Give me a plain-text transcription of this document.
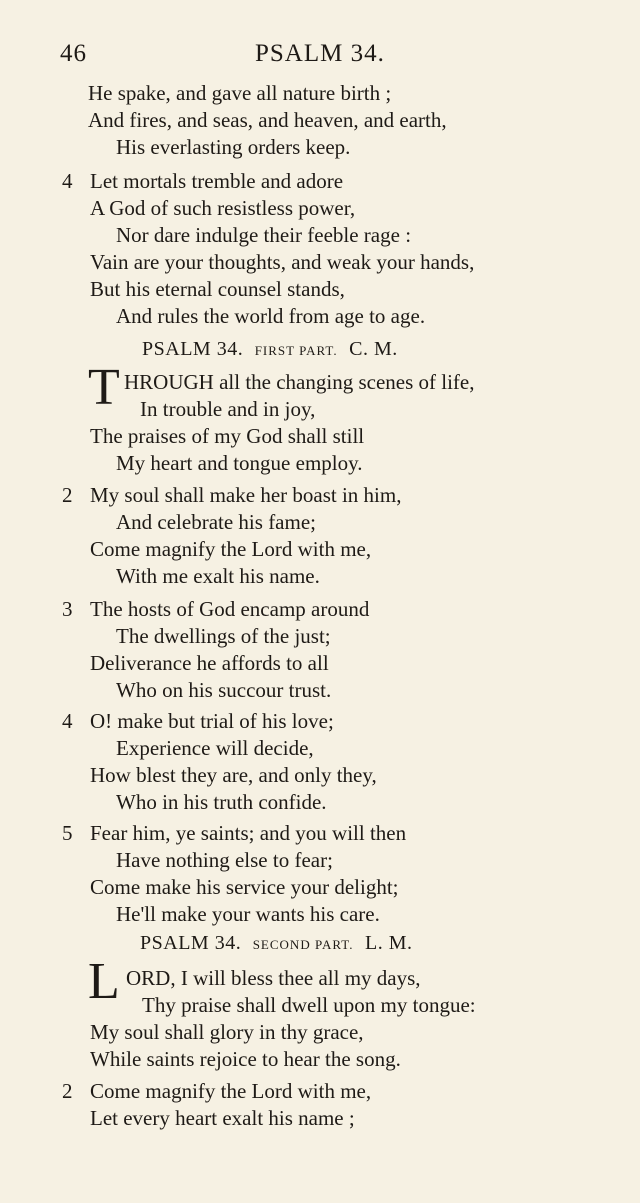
46	PSALM 34.
He spake, and gave all nature birth ;
And fires, and seas, and heaven, and earth,
His everlasting orders keep.
4 Let mortals tremble and adore
A God of such resistless power,
Nor dare indulge their feeble rage :
Vain are your thoughts, and weak your hands,
But his eternal counsel stands,
And rules the world from age to age.
PSALM 34. FIRST PART. C. M.
T HROUGH all the changing scenes of life,
In trouble and in joy,
The praises of my God shall still
My heart and tongue employ.
2 My soul shall make her boast in him,
And celebrate his fame;
Come magnify the Lord with me,
With me exalt his name.
3 The hosts of God encamp around
The dwellings of the just;
Deliverance he affords to all
Who on his succour trust.
4 O! make but trial of his love;
Experience will decide,
How blest they are, and only they,
Who in his truth confide.
5 Fear him, ye saints; and you will then
Have nothing else to fear;
Come make his service your delight;
He'll make your wants his care.
PSALM 34. SECOND PART. L. M.
L ORD, I will bless thee all my days,
Thy praise shall dwell upon my tongue:
My soul shall glory in thy grace,
While saints rejoice to hear the song.
2 Come magnify the Lord with me,
Let every heart exalt his name ;
